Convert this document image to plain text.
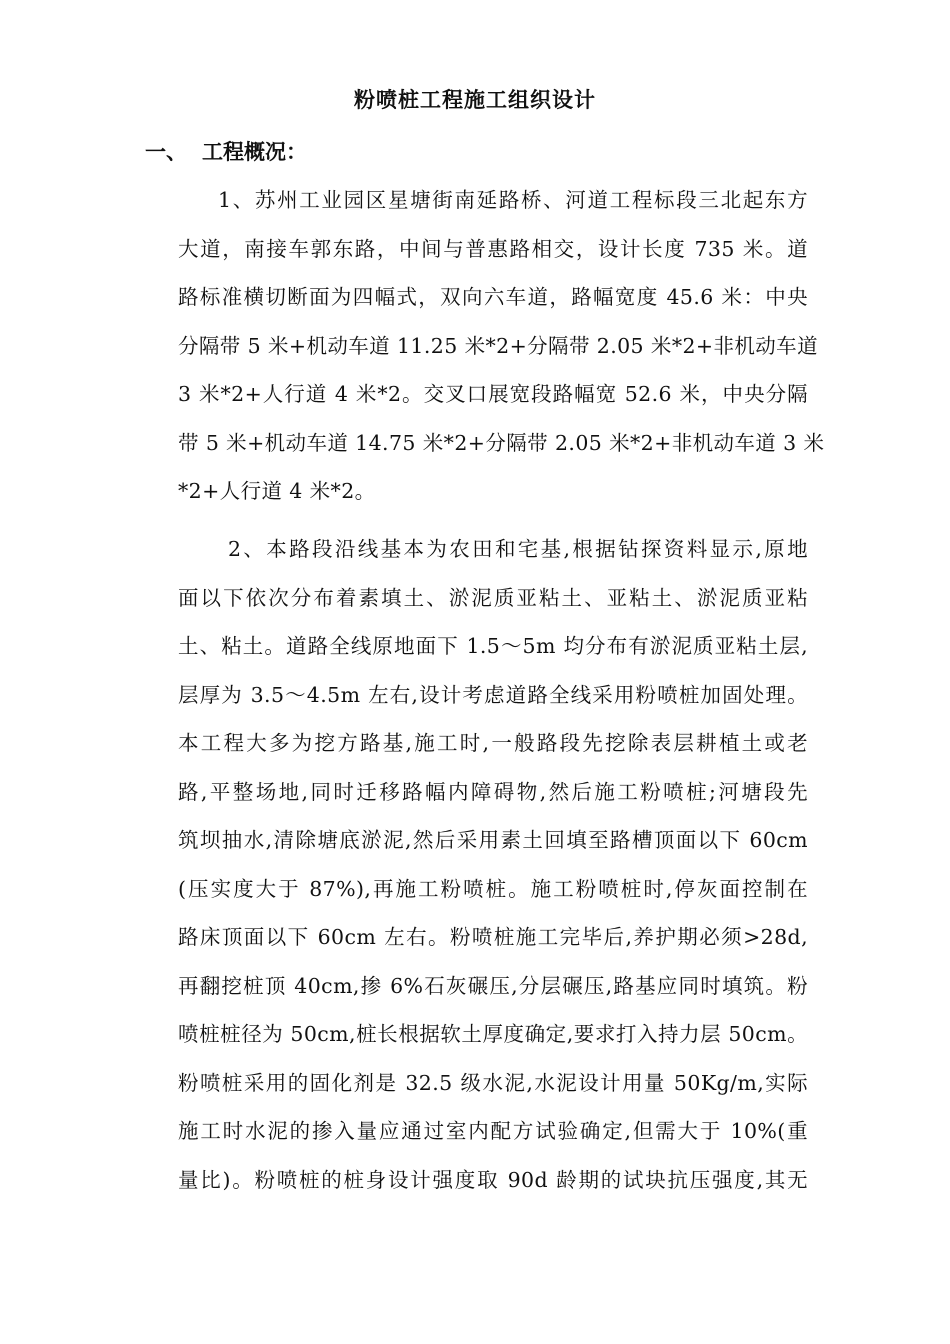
粉喷桩工程施工组织设计
一、 工程概况：
1、苏州工业园区星塘街南延路桥、河道工程标段三北起东方
大道，南接车郭东路，中间与普惠路相交，设计长度 735 米。道
路标准横切断面为四幅式，双向六车道，路幅宽度 45.6 米：中央
分隔带 5 米+机动车道 11.25 米*2+分隔带 2.05 米*2+非机动车道
3 米*2+人行道 4 米*2。交叉口展宽段路幅宽 52.6 米，中央分隔
带 5 米+机动车道 14.75 米*2+分隔带 2.05 米*2+非机动车道 3 米
*2+人行道 4 米*2。
2、本路段沿线基本为农田和宅基,根据钻探资料显示,原地
面以下依次分布着素填土、淤泥质亚粘土、亚粘土、淤泥质亚粘
土、粘土。道路全线原地面下 1.5～5m 均分布有淤泥质亚粘土层,
层厚为 3.5～4.5m 左右,设计考虑道路全线采用粉喷桩加固处理。
本工程大多为挖方路基,施工时,一般路段先挖除表层耕植土或老
路,平整场地,同时迁移路幅内障碍物,然后施工粉喷桩;河塘段先
筑坝抽水,清除塘底淤泥,然后采用素土回填至路槽顶面以下 60cm
(压实度大于 87%),再施工粉喷桩。施工粉喷桩时,停灰面控制在
路床顶面以下 60cm 左右。粉喷桩施工完毕后,养护期必须>28d,
再翻挖桩顶 40cm,掺 6%石灰碾压,分层碾压,路基应同时填筑。粉
喷桩桩径为 50cm,桩长根据软土厚度确定,要求打入持力层 50cm。
粉喷桩采用的固化剂是 32.5 级水泥,水泥设计用量 50Kg/m,实际
施工时水泥的掺入量应通过室内配方试验确定,但需大于 10%(重
量比)。粉喷桩的桩身设计强度取 90d 龄期的试块抗压强度,其无
